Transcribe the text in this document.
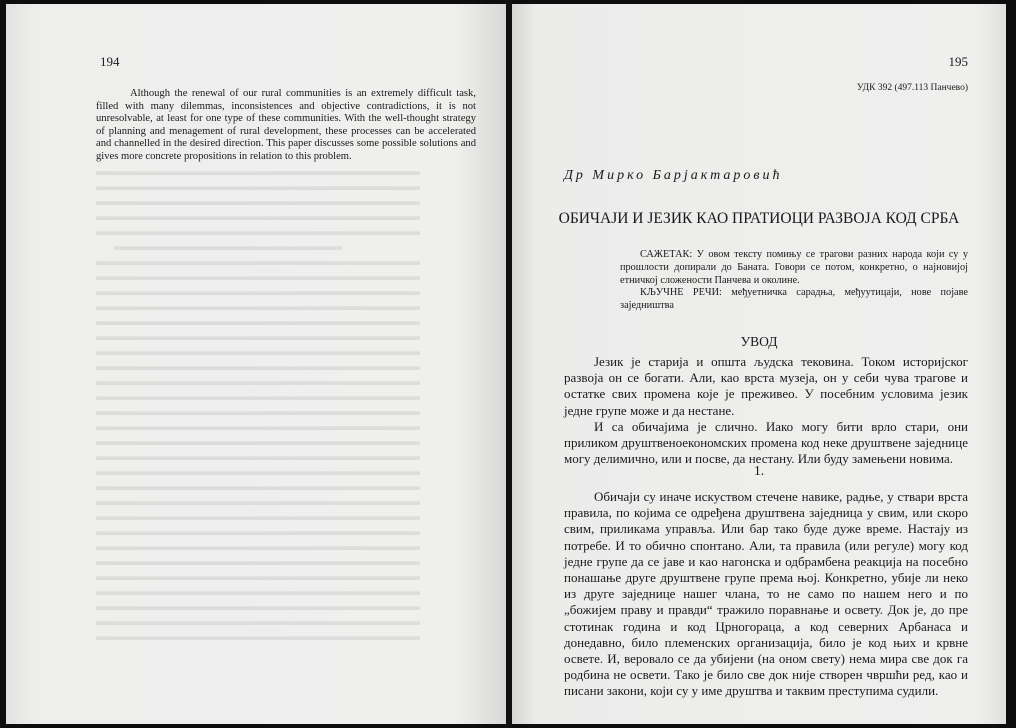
▬▬▬▬▬▬▬▬▬▬▬▬▬▬▬▬▬▬▬▬▬▬▬▬▬▬▬
▬▬▬▬▬▬▬▬▬▬▬▬▬▬▬▬▬▬▬▬▬▬▬▬▬▬▬
▬▬▬▬▬▬▬▬▬▬▬▬▬▬▬▬▬▬▬▬▬▬▬▬▬▬▬
▬▬▬▬▬▬▬▬▬▬▬▬▬▬▬▬▬▬▬▬▬▬▬▬▬▬▬
▬▬▬▬▬▬▬▬▬▬▬▬▬▬▬▬▬▬▬▬▬▬▬▬▬▬▬
▬▬▬▬▬▬▬▬▬▬▬▬▬▬▬▬▬▬▬
▬▬▬▬▬▬▬▬▬▬▬▬▬▬▬▬▬▬▬▬▬▬▬▬▬▬▬
▬▬▬▬▬▬▬▬▬▬▬▬▬▬▬▬▬▬▬▬▬▬▬▬▬▬▬
▬▬▬▬▬▬▬▬▬▬▬▬▬▬▬▬▬▬▬▬▬▬▬▬▬▬▬
▬▬▬▬▬▬▬▬▬▬▬▬▬▬▬▬▬▬▬▬▬▬▬▬▬▬▬
▬▬▬▬▬▬▬▬▬▬▬▬▬▬▬▬▬▬▬▬▬▬▬▬▬▬▬
▬▬▬▬▬▬▬▬▬▬▬▬▬▬▬▬▬▬▬▬▬▬▬▬▬▬▬
▬▬▬▬▬▬▬▬▬▬▬▬▬▬▬▬▬▬▬▬▬▬▬▬▬▬▬
▬▬▬▬▬▬▬▬▬▬▬▬▬▬▬▬▬▬▬▬▬▬▬▬▬▬▬
▬▬▬▬▬▬▬▬▬▬▬▬▬▬▬▬▬▬▬▬▬▬▬▬▬▬▬
▬▬▬▬▬▬▬▬▬▬▬▬▬▬▬▬▬▬▬▬▬▬▬▬▬▬▬
▬▬▬▬▬▬▬▬▬▬▬▬▬▬▬▬▬▬▬▬▬▬▬▬▬▬▬
▬▬▬▬▬▬▬▬▬▬▬▬▬▬▬▬▬▬▬▬▬▬▬▬▬▬▬
▬▬▬▬▬▬▬▬▬▬▬▬▬▬▬▬▬▬▬▬▬▬▬▬▬▬▬
▬▬▬▬▬▬▬▬▬▬▬▬▬▬▬▬▬▬▬▬▬▬▬▬▬▬▬
▬▬▬▬▬▬▬▬▬▬▬▬▬▬▬▬▬▬▬▬▬▬▬▬▬▬▬
▬▬▬▬▬▬▬▬▬▬▬▬▬▬▬▬▬▬▬▬▬▬▬▬▬▬▬
▬▬▬▬▬▬▬▬▬▬▬▬▬▬▬▬▬▬▬▬▬▬▬▬▬▬▬
▬▬▬▬▬▬▬▬▬▬▬▬▬▬▬▬▬▬▬▬▬▬▬▬▬▬▬
▬▬▬▬▬▬▬▬▬▬▬▬▬▬▬▬▬▬▬▬▬▬▬▬▬▬▬
▬▬▬▬▬▬▬▬▬▬▬▬▬▬▬▬▬▬▬▬▬▬▬▬▬▬▬
▬▬▬▬▬▬▬▬▬▬▬▬▬▬▬▬▬▬▬▬▬▬▬▬▬▬▬
▬▬▬▬▬▬▬▬▬▬▬▬▬▬▬▬▬▬▬▬▬▬▬▬▬▬▬
▬▬▬▬▬▬▬▬▬▬▬▬▬▬▬▬▬▬▬▬▬▬▬▬▬▬▬
▬▬▬▬▬▬▬▬▬▬▬▬▬▬▬▬▬▬▬▬▬▬▬▬▬▬▬
▬▬▬▬▬▬▬▬▬▬▬▬▬▬▬▬▬▬▬▬▬▬▬▬▬▬▬
▬▬▬▬▬▬▬▬▬▬▬▬▬▬▬▬▬▬▬▬▬▬▬▬▬▬▬
194

Although the renewal of our rural communities is an extremely difficult task, filled with many dilemmas, inconsistences and objective contradictions, it is not unresolvable, at least for one type of these communities. With the well-thought strategy of planning and menagement of rural development, these processes can be accelerated and channelled in the desired direction. This paper discusses some possible solutions and gives more concrete propositions in relation to this problem.

195

УДК 392 (497.113 Панчево)

Др Мирко Барјактаровић

ОБИЧАЈИ И ЈЕЗИК КАО ПРАТИОЦИ РАЗВОЈА КОД СРБА

САЖЕТАК: У овом тексту помињу се трагови разних народа који су у прошлости допирали до Баната. Говори се потом, конкретно, о најновијој етничкој сложености Панчева и околине.

КЉУЧНЕ РЕЧИ: међуетничка сарадња, међуутицаји, нове појаве заједништва

УВОД

Језик је старија и општа људска тековина. Током историјског развоја он се богати. Али, као врста музеја, он у себи чува трагове и остатке свих промена које је преживео. У посебним условима језик једне групе може и да нестане.

И са обичајима је слично. Иако могу бити врло стари, они приликом друштвеноекономских промена код неке друштвене заједнице могу делимично, или и посве, да нестану. Или буду замењени новима.

1.

Обичаји су иначе искуством стечене навике, радње, у ствари врста правила, по којима се одређена друштвена заједница у свим, или скоро свим, приликама управља. Или бар тако буде дуже време. Настају из потребе. И то обично спонтано. Али, та правила (или регуле) могу код једне групе да се јаве и као нагонска и одбрамбена реакција на посебно понашање друге друштвене групе према њој. Конкретно, убије ли неко из друге заједнице нашег члана, то не само по нашем него и по „божијем праву и правди“ тражило поравнање и освету. Док је, до пре стотинак година и код Црногораца, а код северних Арбанаса и донедавно, било племенских организација, било је код њих и крвне освете. И, веровало се да убијени (на оном свету) нема мира све док га родбина не освети. Тако је било све док није створен чвршћи ред, као и писани закони, који су у име друштва и таквим преступима судили.
